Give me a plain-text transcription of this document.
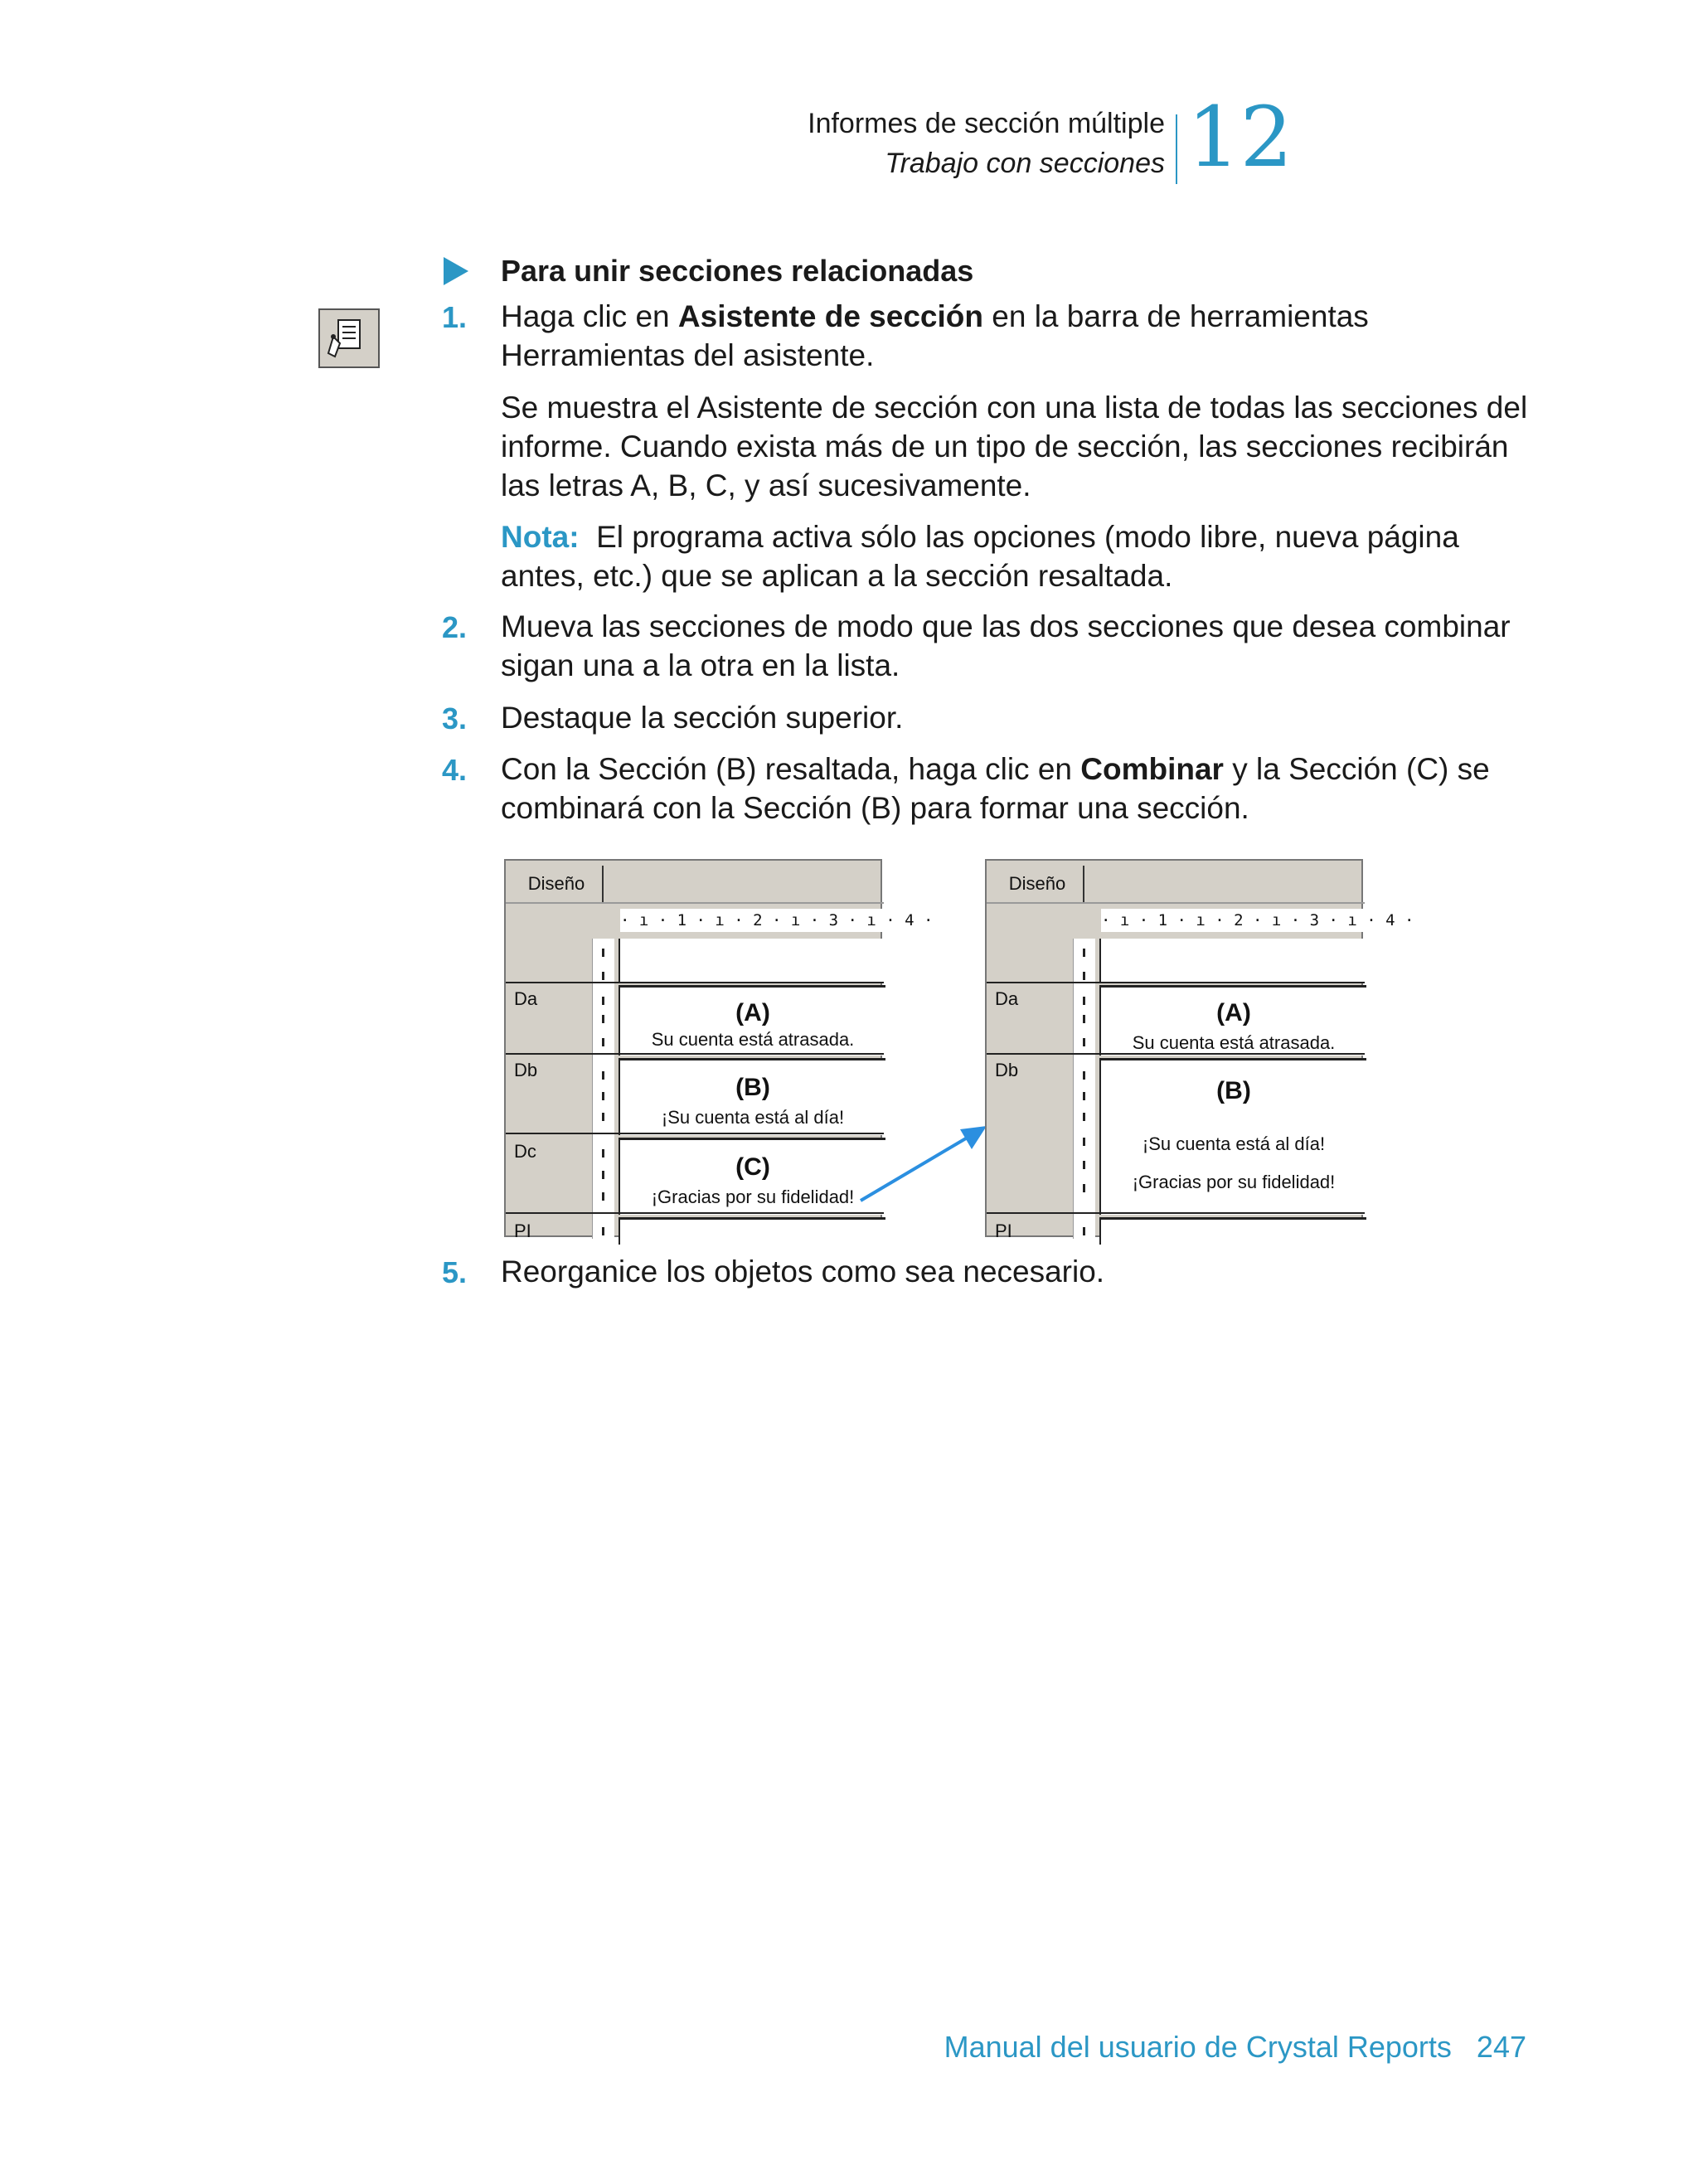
Informes de sección múltiple
Trabajo con secciones 12
Para unir secciones relacionadas
1. Haga clic en Asistente de sección en la barra de herramientas Herramientas del asistente.
Se muestra el Asistente de sección con una lista de todas las secciones del informe. Cuando exista más de un tipo de sección, las secciones recibirán las letras A, B, C, y así sucesivamente.
Nota: El programa activa sólo las opciones (modo libre, nueva página antes, etc.) que se aplican a la sección resaltada.
2. Mueva las secciones de modo que las dos secciones que desea combinar sigan una a la otra en la lista.
3. Destaque la sección superior.
4. Con la Sección (B) resaltada, haga clic en Combinar y la Sección (C) se combinará con la Sección (B) para formar una sección.
Diseño
· ı · 1 · ı · 2 · ı · 3 · ı · 4 ·
Da
(A)
Su cuenta está atrasada.
Db
(B)
¡Su cuenta está al día!
Dc
(C)
¡Gracias por su fidelidad!
PI
Diseño
· ı · 1 · ı · 2 · ı · 3 · ı · 4 ·
Da
(A)
Su cuenta está atrasada.
Db
(B)
¡Su cuenta está al día!
¡Gracias por su fidelidad!
PI
5. Reorganice los objetos como sea necesario.
Manual del usuario de Crystal Reports 247
